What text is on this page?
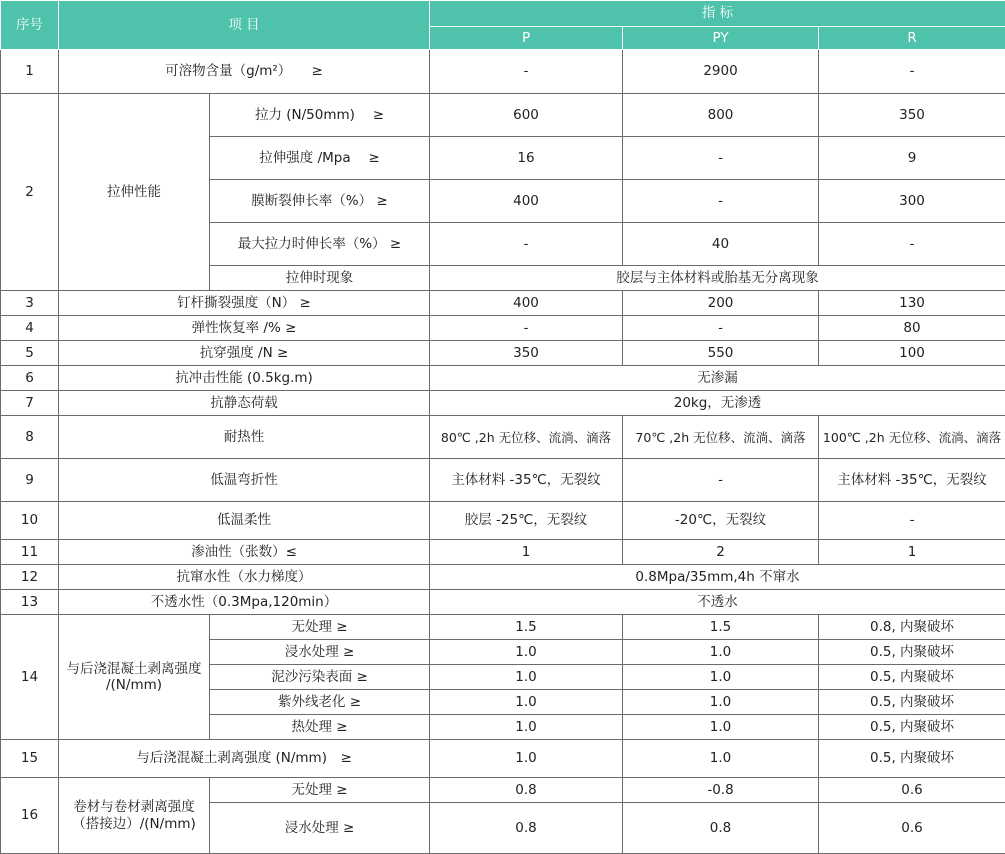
序号	项 目		指 标		
			P	PY	R
1	可溶物含量（g/m²）　　≥		-	2900	-
2	拉伸性能	拉力 (N/50mm)　 ≥	600	800	350
		拉伸强度 /Mpa　 ≥	16	-	9
		膜断裂伸长率（%） ≥	400	-	300
		最大拉力时伸长率（%） ≥	-	40	-
		拉伸时现象	胶层与主体材料或胎基无分离现象		
3	钉杆撕裂强度（N） ≥		400	200	130
4	弹性恢复率 /% ≥		-	-	80
5	抗穿强度 /N ≥		350	550	100
6	抗冲击性能 (0.5kg.m)		无渗漏		
7	抗静态荷载		20kg，无渗透		
8	耐热性		80℃ ,2h 无位移、流淌、滴落	70℃ ,2h 无位移、流淌、滴落	100℃ ,2h 无位移、流淌、滴落
9	低温弯折性		主体材料 -35℃，无裂纹	-	主体材料 -35℃，无裂纹
10	低温柔性		胶层 -25℃，无裂纹	-20℃，无裂纹	-
11	渗油性（张数）≤		1	2	1
12	抗窜水性（水力梯度）		0.8Mpa/35mm,4h 不窜水		
13	不透水性（0.3Mpa,120min）		不透水		
14	与后浇混凝土剥离强度 /(N/mm)	无处理 ≥	1.5	1.5	0.8, 内聚破坏
		浸水处理 ≥	1.0	1.0	0.5, 内聚破坏
		泥沙污染表面 ≥	1.0	1.0	0.5, 内聚破坏
		紫外线老化 ≥	1.0	1.0	0.5, 内聚破坏
		热处理 ≥	1.0	1.0	0.5, 内聚破坏
15	与后浇混凝土剥离强度 (N/mm)　≥		1.0	1.0	0.5, 内聚破坏
16	卷材与卷材剥离强度（搭接边）/(N/mm)	无处理 ≥	0.8	-0.8	0.6
		浸水处理 ≥	0.8	0.8	0.6
